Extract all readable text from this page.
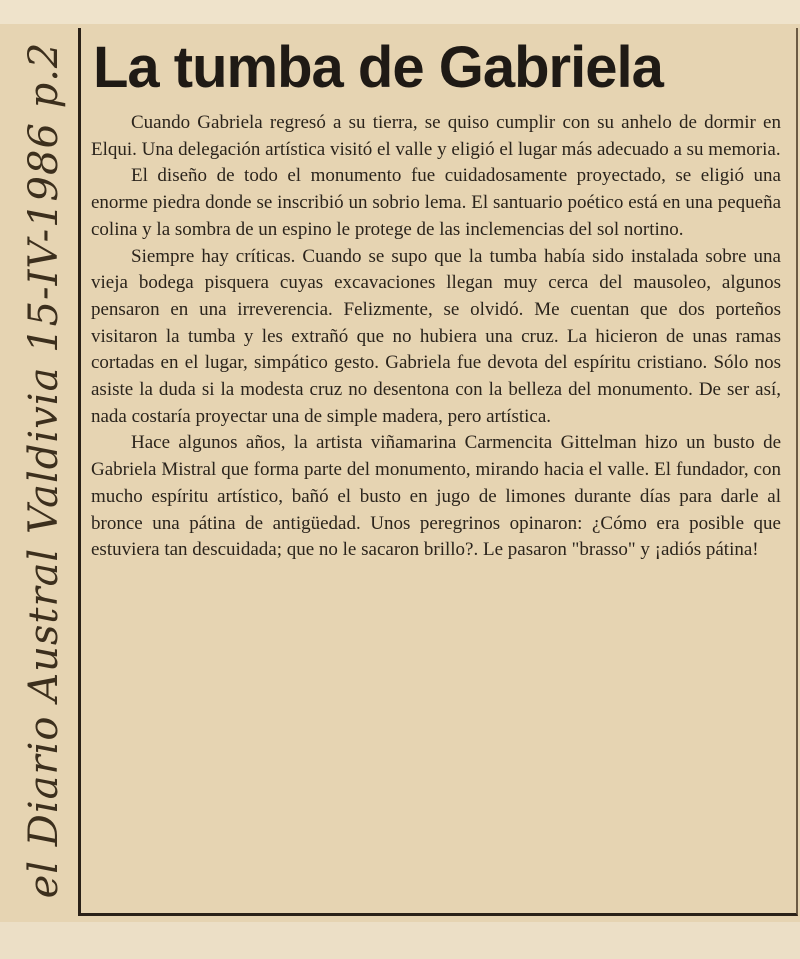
el Diario Austral Valdivia 15-IV-1986 p.2 La tumba de Gabriela

Cuando Gabriela regresó a su tierra, se quiso cumplir con su anhelo de dormir en Elqui. Una delegación artística visitó el valle y eligió el lugar más adecuado a su memoria.

El diseño de todo el monumento fue cuidadosamente proyectado, se eligió una enorme piedra donde se inscribió un sobrio lema. El santuario poético está en una pequeña colina y la sombra de un espino le protege de las inclemencias del sol nortino.

Siempre hay críticas. Cuando se supo que la tumba había sido instalada sobre una vieja bodega pisquera cuyas excavaciones llegan muy cerca del mausoleo, algunos pensaron en una irreverencia. Felizmente, se olvidó. Me cuentan que dos porteños visitaron la tumba y les extrañó que no hubiera una cruz. La hicieron de unas ramas cortadas en el lugar, simpático gesto. Gabriela fue devota del espíritu cristiano. Sólo nos asiste la duda si la modesta cruz no desentona con la belleza del monumento. De ser así, nada costaría proyectar una de simple madera, pero artística.

Hace algunos años, la artista viñamarina Carmencita Gittelman hizo un busto de Gabriela Mistral que forma parte del monumento, mirando hacia el valle. El fundador, con mucho espíritu artístico, bañó el busto en jugo de limones durante días para darle al bronce una pátina de antigüedad. Unos peregrinos opinaron: ¿Cómo era posible que estuviera tan descuidada; que no le sacaron brillo?. Le pasaron "brasso" y ¡adiós pátina!
